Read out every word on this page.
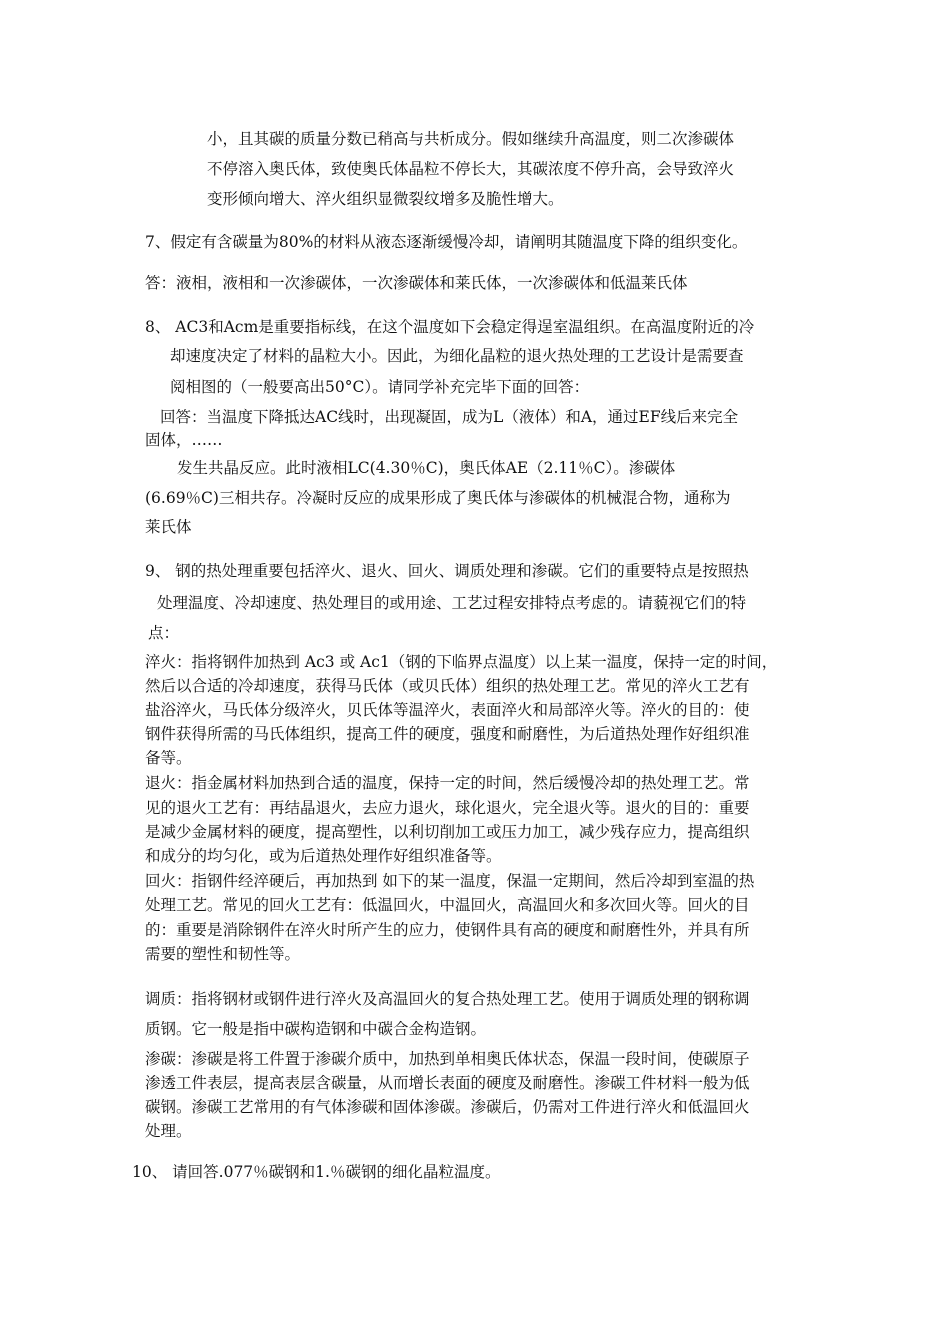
小，且其碳的质量分数已稍高与共析成分。假如继续升高温度，则二次渗碳体
不停溶入奥氏体，致使奥氏体晶粒不停长大，其碳浓度不停升高，会导致淬火
变形倾向增大、淬火组织显微裂纹增多及脆性增大。
7、假定有含碳量为80%的材料从液态逐渐缓慢冷却，请阐明其随温度下降的组织变化。
答：液相，液相和一次渗碳体，一次渗碳体和莱氏体，一次渗碳体和低温莱氏体
8、 AC3和Acm是重要指标线，在这个温度如下会稳定得逞室温组织。在高温度附近的冷
却速度决定了材料的晶粒大小。因此，为细化晶粒的退火热处理的工艺设计是需要查
阅相图的（一般要高出50°C）。请同学补充完毕下面的回答：
回答：当温度下降抵达AC线时，出现凝固，成为L（液体）和A，通过EF线后来完全
固体，……
发生共晶反应。此时液相LC(4.30％C)，奥氏体AE（2.11％C）。渗碳体
(6.69％C)三相共存。冷凝时反应的成果形成了奥氏体与渗碳体的机械混合物，通称为
莱氏体
9、 钢的热处理重要包括淬火、退火、回火、调质处理和渗碳。它们的重要特点是按照热
处理温度、冷却速度、热处理目的或用途、工艺过程安排特点考虑的。请藐视它们的特
点：
淬火：指将钢件加热到 Ac3 或 Ac1（钢的下临界点温度）以上某一温度，保持一定的时间，
然后以合适的冷却速度，获得马氏体（或贝氏体）组织的热处理工艺。常见的淬火工艺有
盐浴淬火，马氏体分级淬火，贝氏体等温淬火，表面淬火和局部淬火等。淬火的目的：使
钢件获得所需的马氏体组织，提高工件的硬度，强度和耐磨性，为后道热处理作好组织准
备等。
退火：指金属材料加热到合适的温度，保持一定的时间，然后缓慢冷却的热处理工艺。常
见的退火工艺有：再结晶退火，去应力退火，球化退火，完全退火等。退火的目的：重要
是减少金属材料的硬度，提高塑性，以利切削加工或压力加工，减少残存应力，提高组织
和成分的均匀化，或为后道热处理作好组织准备等。
回火：指钢件经淬硬后，再加热到 如下的某一温度，保温一定期间，然后冷却到室温的热
处理工艺。常见的回火工艺有：低温回火，中温回火，高温回火和多次回火等。回火的目
的：重要是消除钢件在淬火时所产生的应力，使钢件具有高的硬度和耐磨性外，并具有所
需要的塑性和韧性等。
调质：指将钢材或钢件进行淬火及高温回火的复合热处理工艺。使用于调质处理的钢称调
质钢。它一般是指中碳构造钢和中碳合金构造钢。
渗碳：渗碳是将工件置于渗碳介质中，加热到单相奥氏体状态，保温一段时间，使碳原子
渗透工件表层，提高表层含碳量，从而增长表面的硬度及耐磨性。渗碳工件材料一般为低
碳钢。渗碳工艺常用的有气体渗碳和固体渗碳。渗碳后，仍需对工件进行淬火和低温回火
处理。
10、 请回答.077％碳钢和1.％碳钢的细化晶粒温度。
